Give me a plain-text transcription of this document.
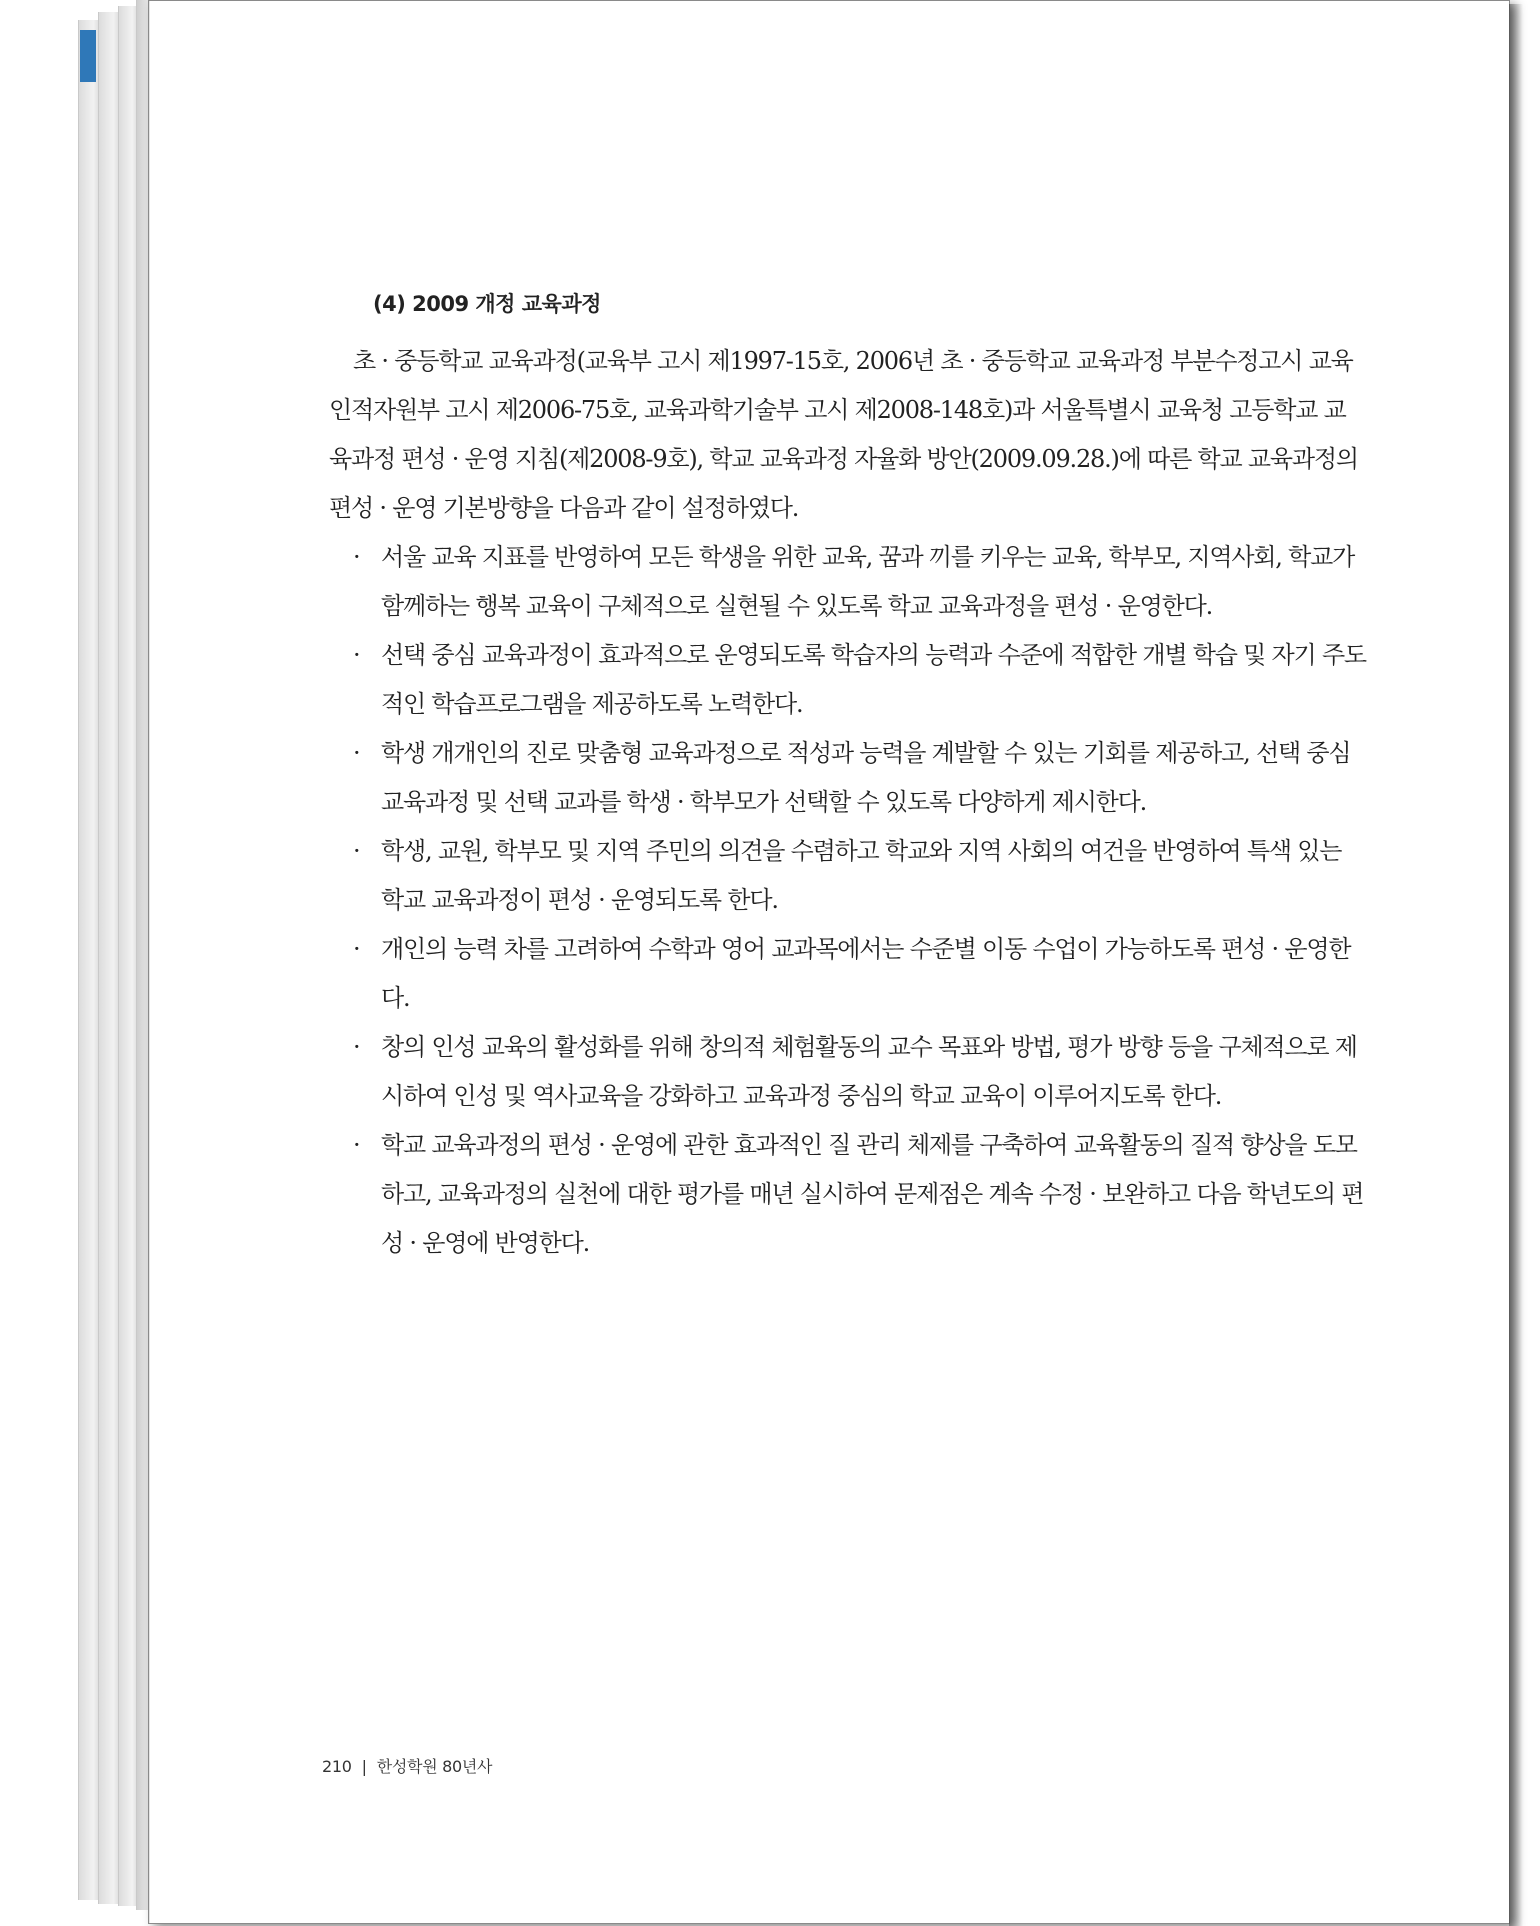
(4) 2009 개정 교육과정

초 · 중등학교 교육과정(교육부 고시 제1997-15호, 2006년 초 · 중등학교 교육과정 부분수정고시 교육인적자원부 고시 제2006-75호, 교육과학기술부 고시 제2008-148호)과 서울특별시 교육청 고등학교 교육과정 편성 · 운영 지침(제2008-9호), 학교 교육과정 자율화 방안(2009.09.28.)에 따른 학교 교육과정의 편성 · 운영 기본방향을 다음과 같이 설정하였다.

· 서울 교육 지표를 반영하여 모든 학생을 위한 교육, 꿈과 끼를 키우는 교육, 학부모, 지역사회, 학교가 함께하는 행복 교육이 구체적으로 실현될 수 있도록 학교 교육과정을 편성 · 운영한다.
· 선택 중심 교육과정이 효과적으로 운영되도록 학습자의 능력과 수준에 적합한 개별 학습 및 자기 주도적인 학습프로그램을 제공하도록 노력한다.
· 학생 개개인의 진로 맞춤형 교육과정으로 적성과 능력을 계발할 수 있는 기회를 제공하고, 선택 중심 교육과정 및 선택 교과를 학생 · 학부모가 선택할 수 있도록 다양하게 제시한다.
· 학생, 교원, 학부모 및 지역 주민의 의견을 수렴하고 학교와 지역 사회의 여건을 반영하여 특색 있는 학교 교육과정이 편성 · 운영되도록 한다.
· 개인의 능력 차를 고려하여 수학과 영어 교과목에서는 수준별 이동 수업이 가능하도록 편성 · 운영한다.
· 창의 인성 교육의 활성화를 위해 창의적 체험활동의 교수 목표와 방법, 평가 방향 등을 구체적으로 제시하여 인성 및 역사교육을 강화하고 교육과정 중심의 학교 교육이 이루어지도록 한다.
· 학교 교육과정의 편성 · 운영에 관한 효과적인 질 관리 체제를 구축하여 교육활동의 질적 향상을 도모하고, 교육과정의 실천에 대한 평가를 매년 실시하여 문제점은 계속 수정 · 보완하고 다음 학년도의 편성 · 운영에 반영한다.
210 | 한성학원 80년사
